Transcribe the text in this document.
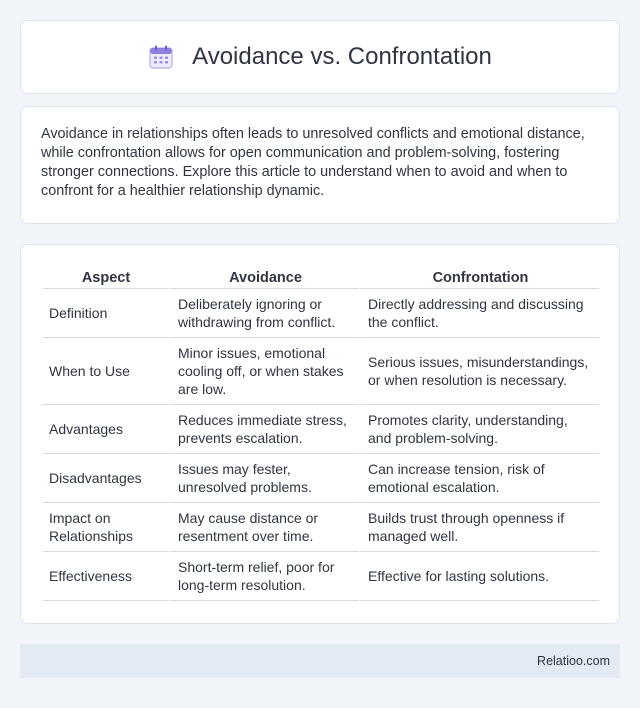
Avoidance vs. Confrontation

Avoidance in relationships often leads to unresolved conflicts and emotional distance, while confrontation allows for open communication and problem-solving, fostering stronger connections. Explore this article to understand when to avoid and when to confront for a healthier relationship dynamic.

Aspect	Avoidance	Confrontation
Definition	Deliberately ignoring or withdrawing from conflict.	Directly addressing and discussing the conflict.
When to Use	Minor issues, emotional cooling off, or when stakes are low.	Serious issues, misunderstandings, or when resolution is necessary.
Advantages	Reduces immediate stress, prevents escalation.	Promotes clarity, understanding, and problem-solving.
Disadvantages	Issues may fester, unresolved problems.	Can increase tension, risk of emotional escalation.
Impact on Relationships	May cause distance or resentment over time.	Builds trust through openness if managed well.
Effectiveness	Short-term relief, poor for long-term resolution.	Effective for lasting solutions.
Relatioo.com
